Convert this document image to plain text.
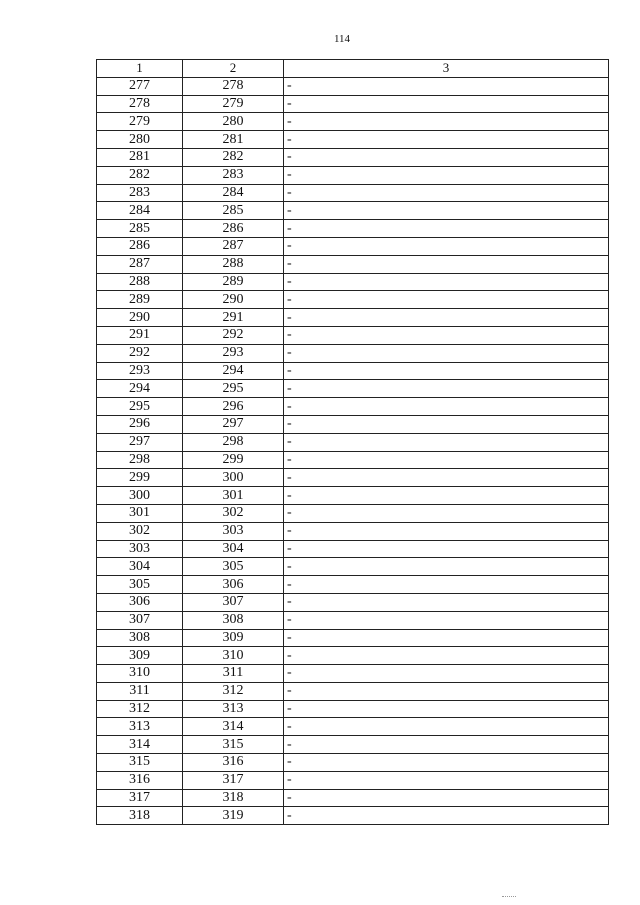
114
1	2	3
277	278	-
278	279	-
279	280	-
280	281	-
281	282	-
282	283	-
283	284	-
284	285	-
285	286	-
286	287	-
287	288	-
288	289	-
289	290	-
290	291	-
291	292	-
292	293	-
293	294	-
294	295	-
295	296	-
296	297	-
297	298	-
298	299	-
299	300	-
300	301	-
301	302	-
302	303	-
303	304	-
304	305	-
305	306	-
306	307	-
307	308	-
308	309	-
309	310	-
310	311	-
311	312	-
312	313	-
313	314	-
314	315	-
315	316	-
316	317	-
317	318	-
318	319	-
